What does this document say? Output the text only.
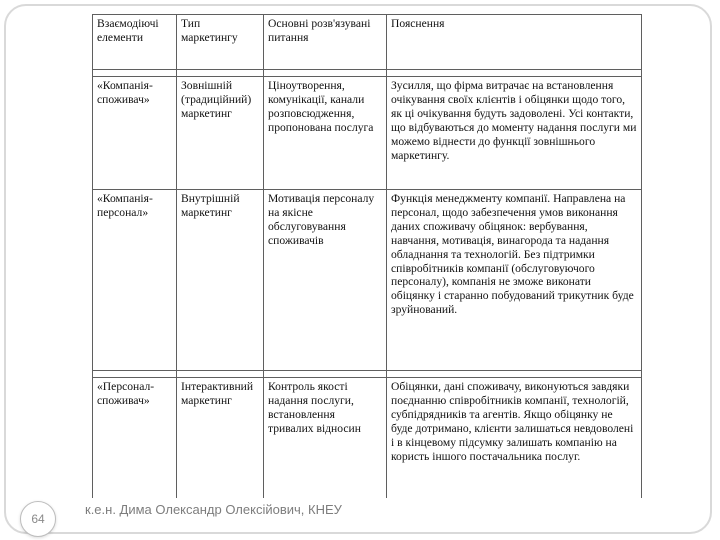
Взаємодіючі елементи	Тип маркетингу	Основні розв'язувані питання	Пояснення

«Компанія-споживач»	Зовнішній (традиційний) маркетинг	Ціноутворення, комунікації, канали розповсюдження, пропонована послуга	Зусилля, що фірма витрачає на встановлення очікування своїх клієнтів і обіцянки щодо того, як ці очікування будуть задоволені. Усі контакти, що відбуваються до моменту надання послуги ми можемо віднести до функції зовнішнього маркетингу.
«Компанія-персонал»	Внутрішній маркетинг	Мотивація персоналу на якісне обслуговування споживачів	Функція менеджменту компанії. Направлена на персонал, щодо забезпечення умов виконання даних споживачу обіцянок: вербування, навчання, мотивація, винагорода та надання обладнання та технологій. Без підтримки співробітників компанії (обслуговуючого персоналу), компанія не зможе виконати обіцянку і старанно побудований трикутник буде зруйнований.

«Персонал-споживач»	Інтерактивний маркетинг	Контроль якості надання послуги, встановлення тривалих відносин	Обіцянки, дані споживачу, виконуються завдяки поєднанню співробітників компанії, технологій, субпідрядників та агентів. Якщо обіцянку не буде дотримано, клієнти залишаться невдоволені і в кінцевому підсумку залишать компанію на користь іншого постачальника послуг.
64
к.е.н. Дима Олександр Олексійович, КНЕУ
